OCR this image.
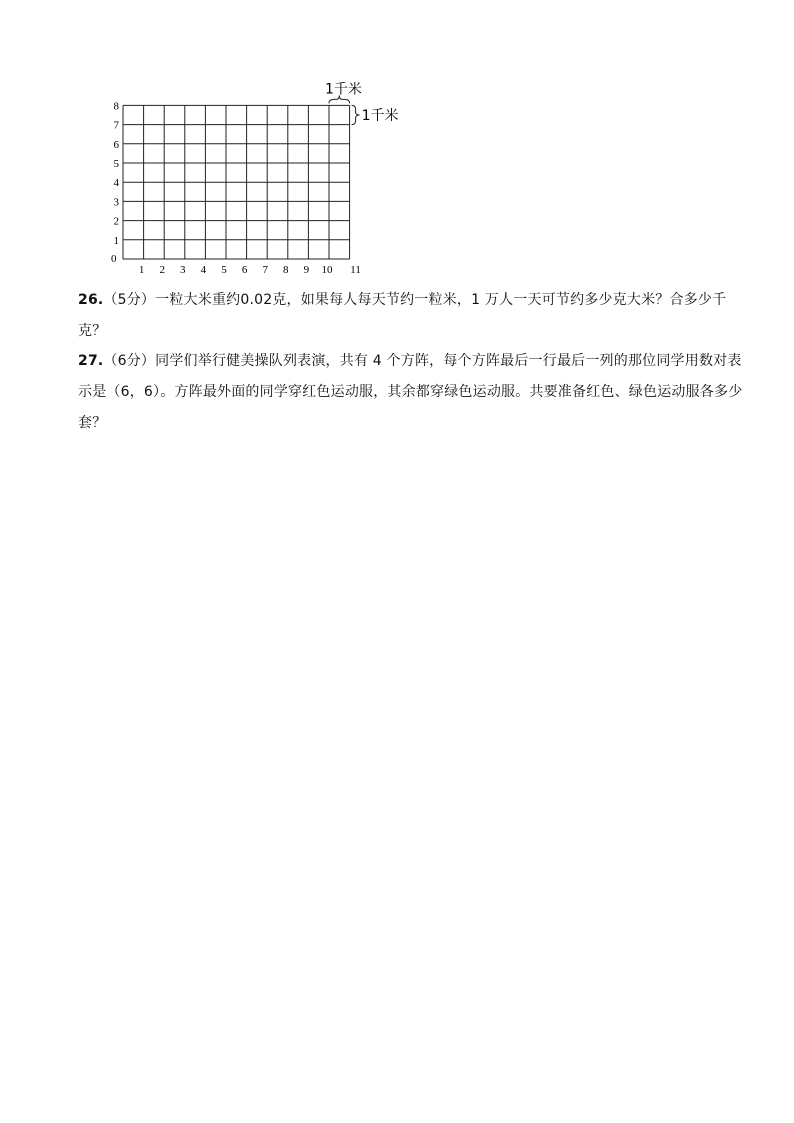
0
1 2 3 4 5 6 7 8 9 10 11
1
2
3
4
5
6
7
8
1千米
1千米
26.（5分）一粒大米重约0.02克，如果每人每天节约一粒米，1 万人一天可节约多少克大米？合多少千克？
27.（6分）同学们举行健美操队列表演，共有 4 个方阵，每个方阵最后一行最后一列的那位同学用数对表示是（6，6）。方阵最外面的同学穿红色运动服，其余都穿绿色运动服。共要准备红色、绿色运动服各多少套？
